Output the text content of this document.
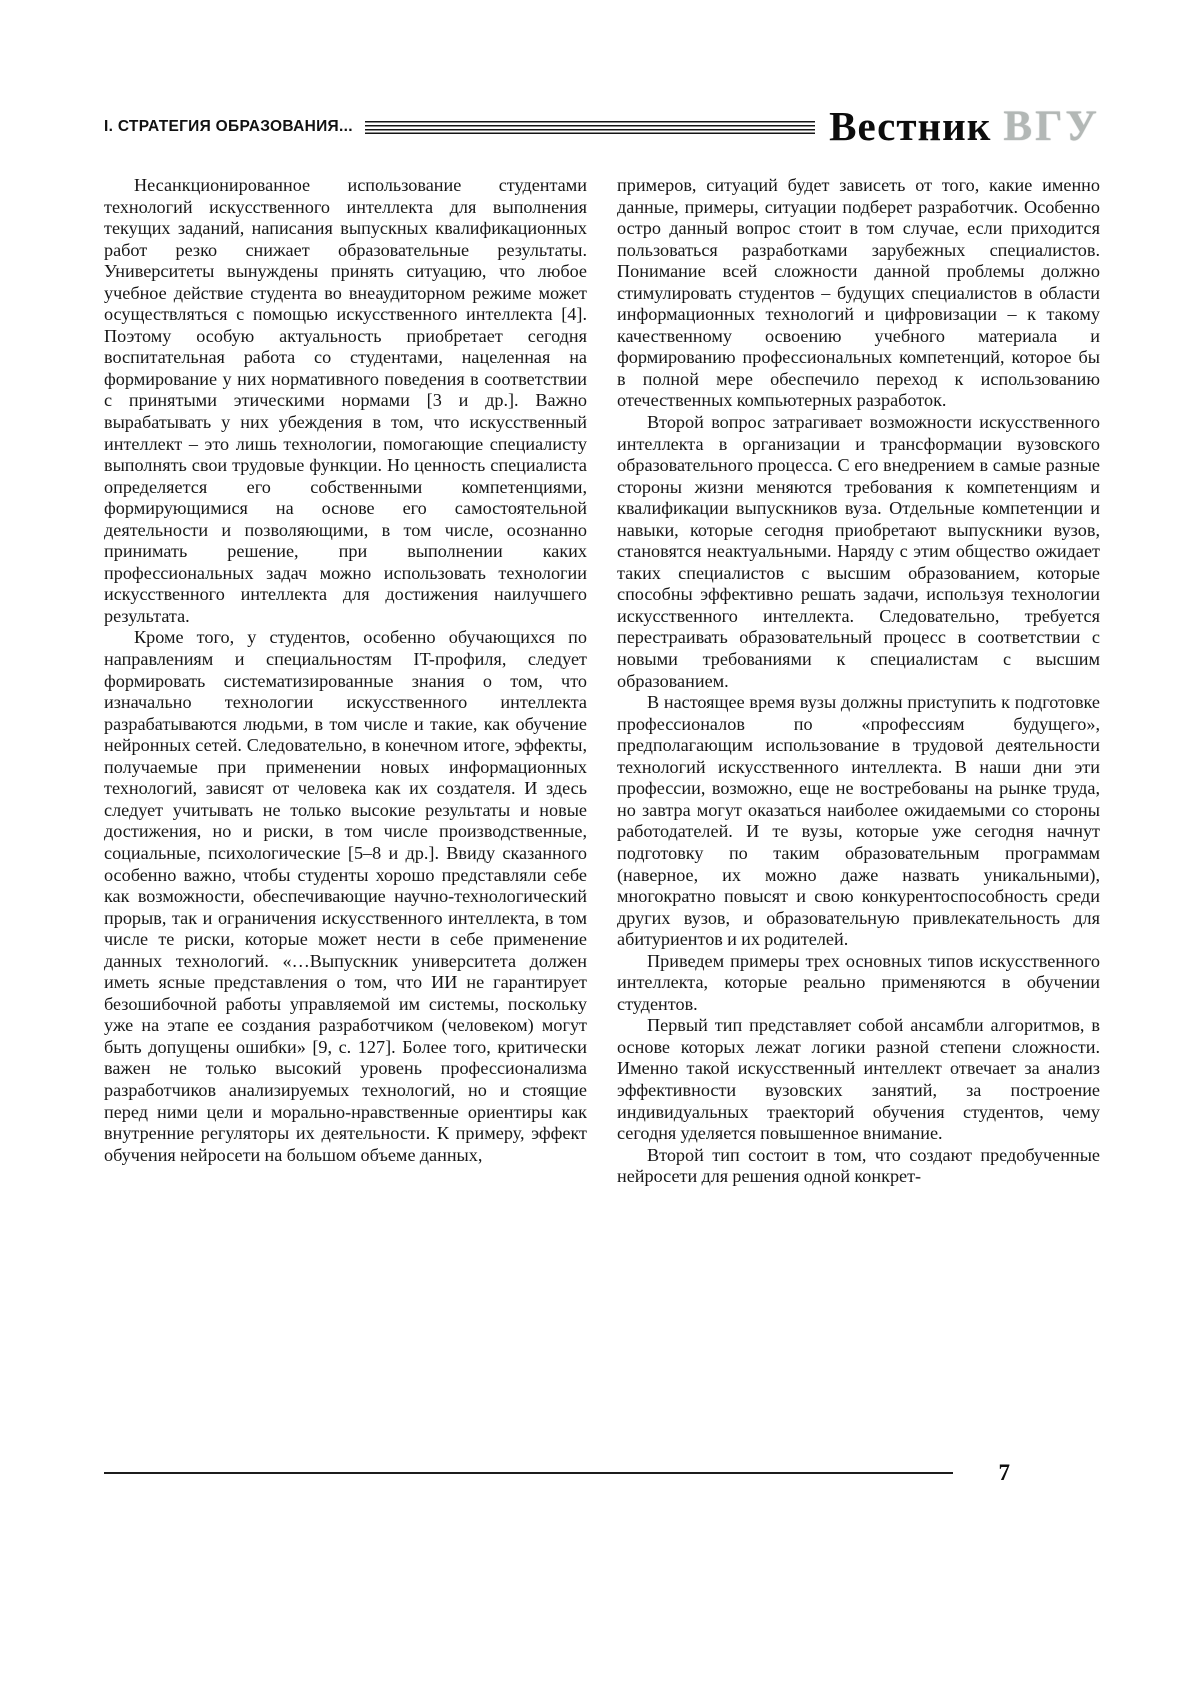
I. СТРАТЕГИЯ ОБРАЗОВАНИЯ...	Вестник ВГУ

Несанкционированное использование студентами технологий искусственного интеллекта для выполнения текущих заданий, написания выпускных квалификационных работ резко снижает образовательные результаты. Университеты вынуждены принять ситуацию, что любое учебное действие студента во внеаудиторном режиме может осуществляться с помощью искусственного интеллекта [4]. Поэтому особую актуальность приобретает сегодня воспитательная работа со студентами, нацеленная на формирование у них нормативного поведения в соответствии с принятыми этическими нормами [3 и др.]. Важно вырабатывать у них убеждения в том, что искусственный интеллект – это лишь технологии, помогающие специалисту выполнять свои трудовые функции. Но ценность специалиста определяется его собственными компетенциями, формирующимися на основе его самостоятельной деятельности и позволяющими, в том числе, осознанно принимать решение, при выполнении каких профессиональных задач можно использовать технологии искусственного интеллекта для достижения наилучшего результата.

Кроме того, у студентов, особенно обучающихся по направлениям и специальностям IT-профиля, следует формировать систематизированные знания о том, что изначально технологии искусственного интеллекта разрабатываются людьми, в том числе и такие, как обучение нейронных сетей. Следовательно, в конечном итоге, эффекты, получаемые при применении новых информационных технологий, зависят от человека как их создателя. И здесь следует учитывать не только высокие результаты и новые достижения, но и риски, в том числе производственные, социальные, психологические [5–8 и др.]. Ввиду сказанного особенно важно, чтобы студенты хорошо представляли себе как возможности, обеспечивающие научно-технологический прорыв, так и ограничения искусственного интеллекта, в том числе те риски, которые может нести в себе применение данных технологий. «…Выпускник университета должен иметь ясные представления о том, что ИИ не гарантирует безошибочной работы управляемой им системы, поскольку уже на этапе ее создания разработчиком (человеком) могут быть допущены ошибки» [9, с. 127]. Более того, критически важен не только высокий уровень профессионализма разработчиков анализируемых технологий, но и стоящие перед ними цели и морально-нравственные ориентиры как внутренние регуляторы их деятельности. К примеру, эффект обучения нейросети на большом объеме данных,

примеров, ситуаций будет зависеть от того, какие именно данные, примеры, ситуации подберет разработчик. Особенно остро данный вопрос стоит в том случае, если приходится пользоваться разработками зарубежных специалистов. Понимание всей сложности данной проблемы должно стимулировать студентов – будущих специалистов в области информационных технологий и цифровизации – к такому качественному освоению учебного материала и формированию профессиональных компетенций, которое бы в полной мере обеспечило переход к использованию отечественных компьютерных разработок.

Второй вопрос затрагивает возможности искусственного интеллекта в организации и трансформации вузовского образовательного процесса. С его внедрением в самые разные стороны жизни меняются требования к компетенциям и квалификации выпускников вуза. Отдельные компетенции и навыки, которые сегодня приобретают выпускники вузов, становятся неактуальными. Наряду с этим общество ожидает таких специалистов с высшим образованием, которые способны эффективно решать задачи, используя технологии искусственного интеллекта. Следовательно, требуется перестраивать образовательный процесс в соответствии с новыми требованиями к специалистам с высшим образованием.

В настоящее время вузы должны приступить к подготовке профессионалов по «профессиям будущего», предполагающим использование в трудовой деятельности технологий искусственного интеллекта. В наши дни эти профессии, возможно, еще не востребованы на рынке труда, но завтра могут оказаться наиболее ожидаемыми со стороны работодателей. И те вузы, которые уже сегодня начнут подготовку по таким образовательным программам (наверное, их можно даже назвать уникальными), многократно повысят и свою конкурентоспособность среди других вузов, и образовательную привлекательность для абитуриентов и их родителей.

Приведем примеры трех основных типов искусственного интеллекта, которые реально применяются в обучении студентов.

Первый тип представляет собой ансамбли алгоритмов, в основе которых лежат логики разной степени сложности. Именно такой искусственный интеллект отвечает за анализ эффективности вузовских занятий, за построение индивидуальных траекторий обучения студентов, чему сегодня уделяется повышенное внимание.

Второй тип состоит в том, что создают предобученные нейросети для решения одной конкрет-

7
